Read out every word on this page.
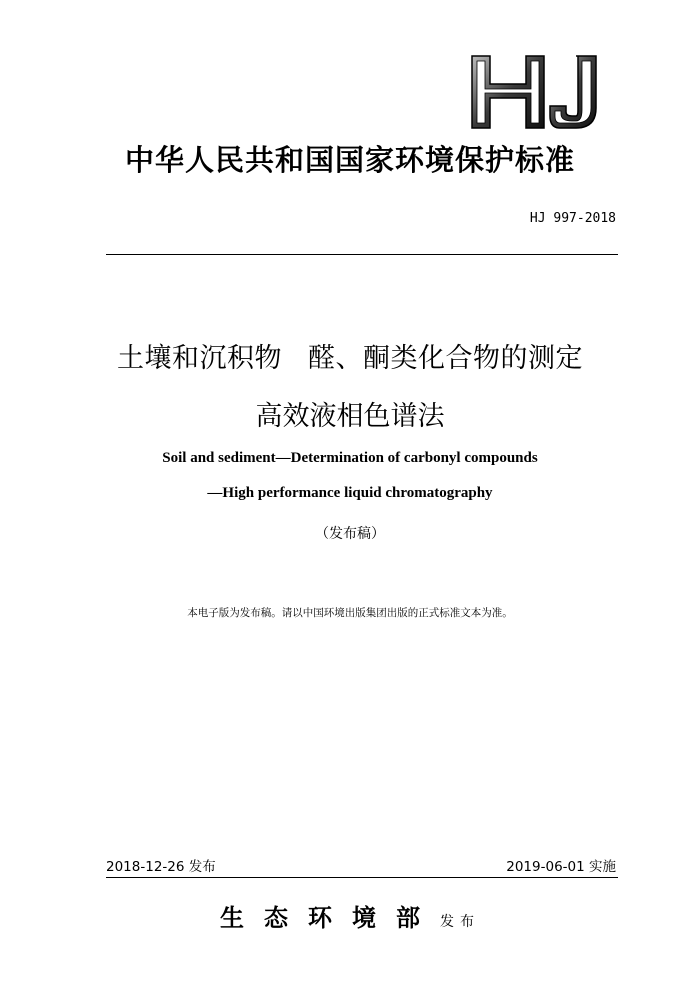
中华人民共和国国家环境保护标准
HJ 997-2018
土壤和沉积物 醛、酮类化合物的测定
高效液相色谱法
Soil and sediment—Determination of carbonyl compounds
—High performance liquid chromatography
（发布稿）
本电子版为发布稿。请以中国环境出版集团出版的正式标准文本为准。
2018-12-26 发布	2019-06-01 实施
生态环境部发布
